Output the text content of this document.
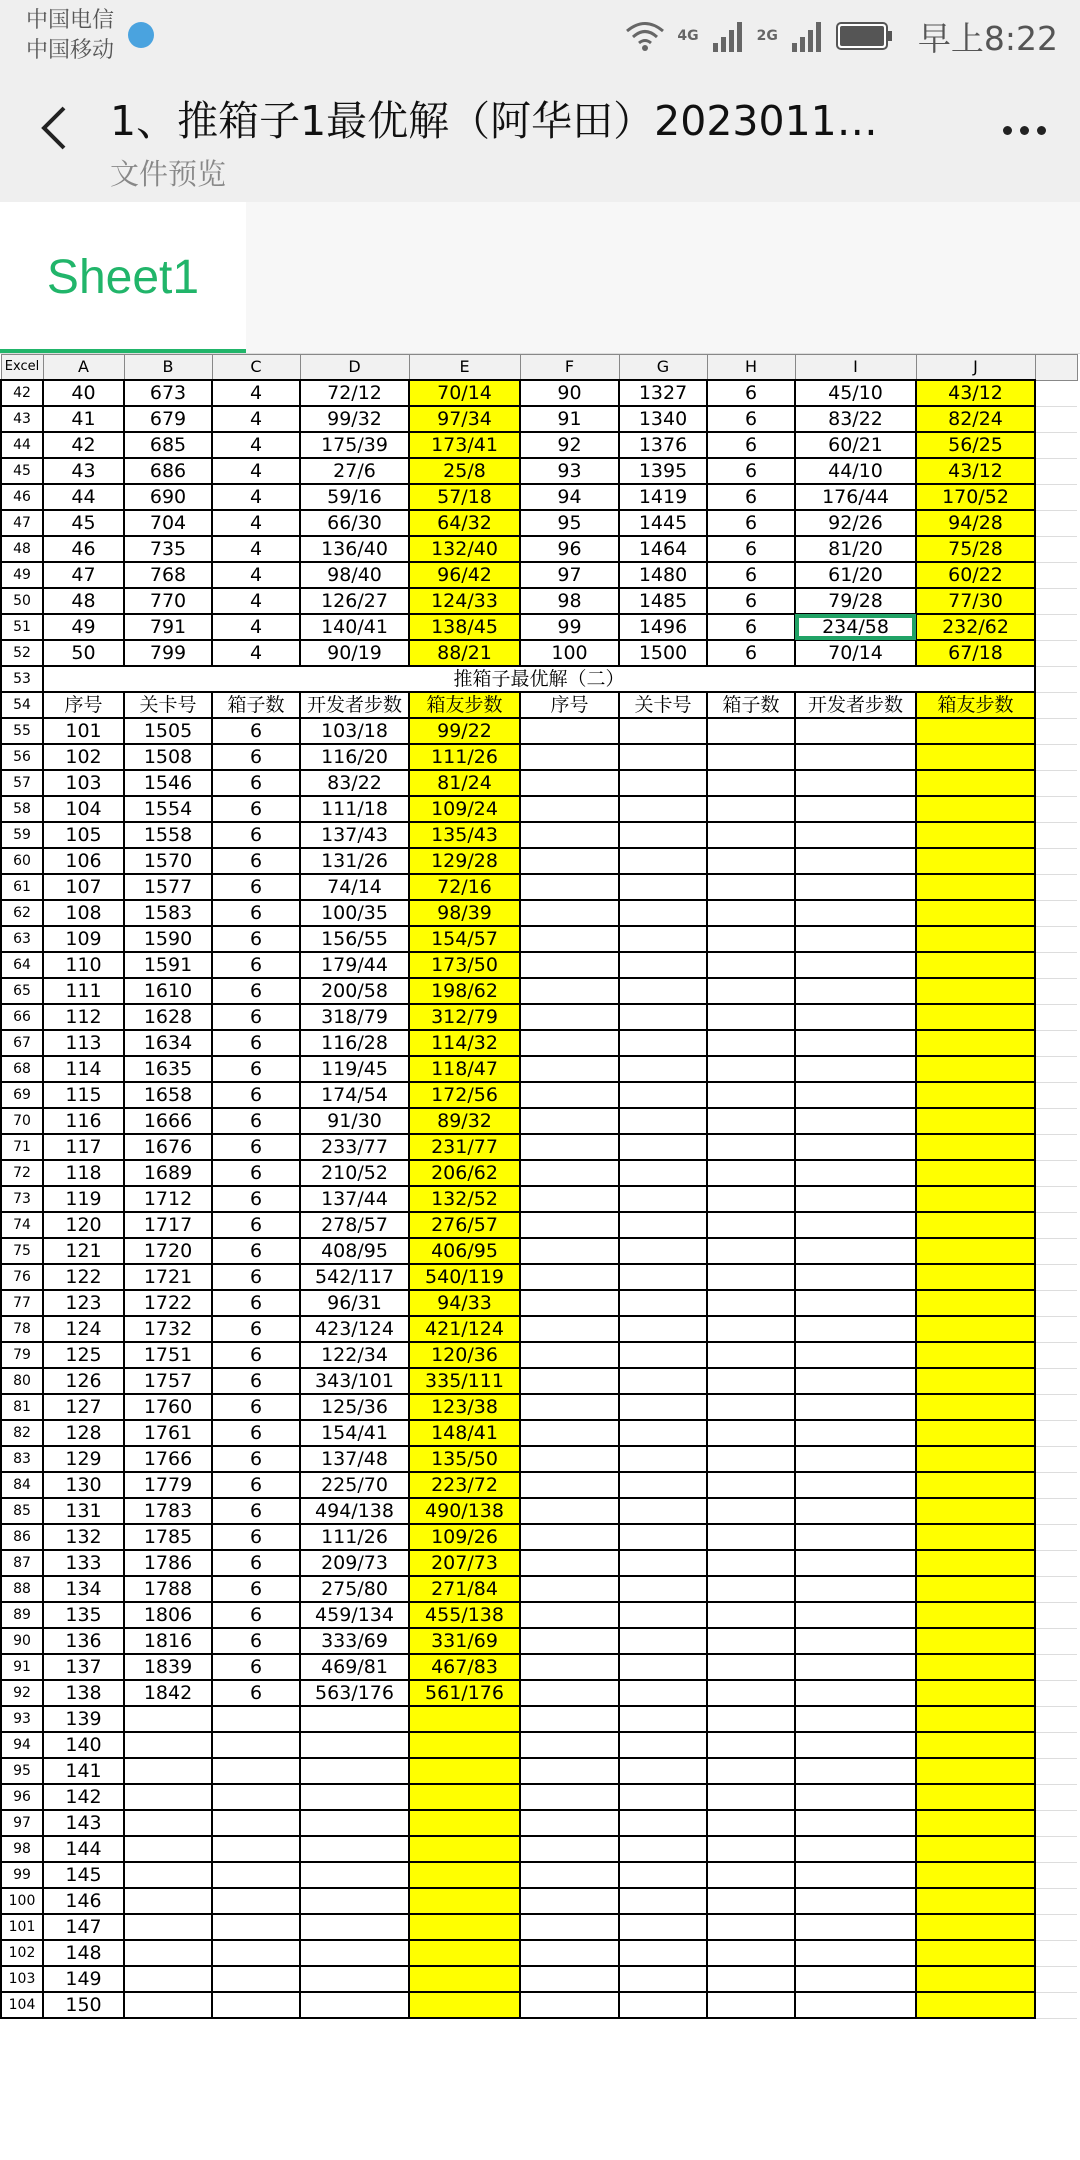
中国电信
中国移动
4G	2G	早上8:22
1、推箱子1最优解（阿华田）2023011…
文件预览
Sheet1
Excel	A	B	C	D	E	F	G	H	I	J	
42	40	673	4	72/12	70/14	90	1327	6	45/10	43/12	
43	41	679	4	99/32	97/34	91	1340	6	83/22	82/24	
44	42	685	4	175/39	173/41	92	1376	6	60/21	56/25	
45	43	686	4	27/6	25/8	93	1395	6	44/10	43/12	
46	44	690	4	59/16	57/18	94	1419	6	176/44	170/52	
47	45	704	4	66/30	64/32	95	1445	6	92/26	94/28	
48	46	735	4	136/40	132/40	96	1464	6	81/20	75/28	
49	47	768	4	98/40	96/42	97	1480	6	61/20	60/22	
50	48	770	4	126/27	124/33	98	1485	6	79/28	77/30	
51	49	791	4	140/41	138/45	99	1496	6	234/58	232/62	
52	50	799	4	90/19	88/21	100	1500	6	70/14	67/18	
53	推箱子最优解（二）										
54	序号	关卡号	箱子数	开发者步数	箱友步数	序号	关卡号	箱子数	开发者步数	箱友步数	
55	101	1505	6	103/18	99/22						
56	102	1508	6	116/20	111/26						
57	103	1546	6	83/22	81/24						
58	104	1554	6	111/18	109/24						
59	105	1558	6	137/43	135/43						
60	106	1570	6	131/26	129/28						
61	107	1577	6	74/14	72/16						
62	108	1583	6	100/35	98/39						
63	109	1590	6	156/55	154/57						
64	110	1591	6	179/44	173/50						
65	111	1610	6	200/58	198/62						
66	112	1628	6	318/79	312/79						
67	113	1634	6	116/28	114/32						
68	114	1635	6	119/45	118/47						
69	115	1658	6	174/54	172/56						
70	116	1666	6	91/30	89/32						
71	117	1676	6	233/77	231/77						
72	118	1689	6	210/52	206/62						
73	119	1712	6	137/44	132/52						
74	120	1717	6	278/57	276/57						
75	121	1720	6	408/95	406/95						
76	122	1721	6	542/117	540/119						
77	123	1722	6	96/31	94/33						
78	124	1732	6	423/124	421/124						
79	125	1751	6	122/34	120/36						
80	126	1757	6	343/101	335/111						
81	127	1760	6	125/36	123/38						
82	128	1761	6	154/41	148/41						
83	129	1766	6	137/48	135/50						
84	130	1779	6	225/70	223/72						
85	131	1783	6	494/138	490/138						
86	132	1785	6	111/26	109/26						
87	133	1786	6	209/73	207/73						
88	134	1788	6	275/80	271/84						
89	135	1806	6	459/134	455/138						
90	136	1816	6	333/69	331/69						
91	137	1839	6	469/81	467/83						
92	138	1842	6	563/176	561/176						
93	139										
94	140										
95	141										
96	142										
97	143										
98	144										
99	145										
100	146										
101	147										
102	148										
103	149										
104	150										
